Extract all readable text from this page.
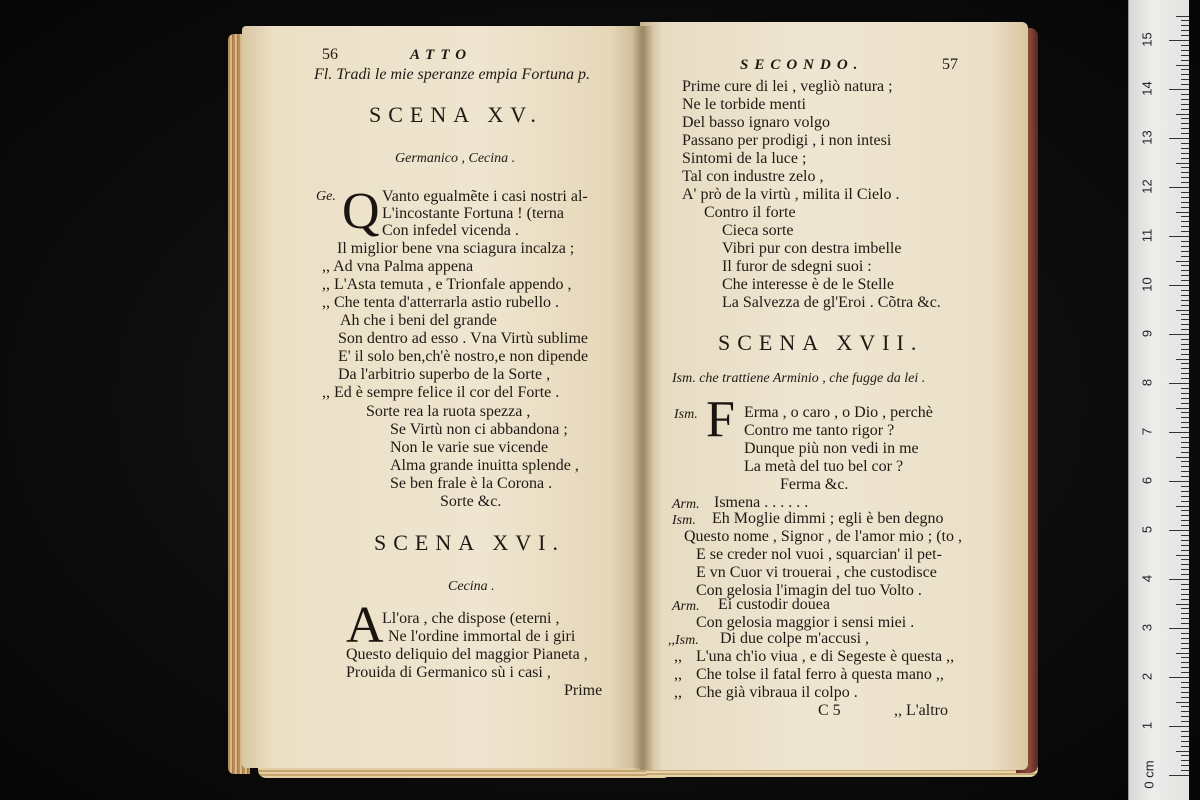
56	ATTO
Fl. Tradì le mie speranze empia Fortuna p.
SCENA XV.
Germanico , Cecina .
Ge. Q Vanto egualmẽte i casi nostri al-
L'incostante Fortuna ! (terna
Con infedel vicenda .
Il miglior bene vna sciagura incalza ;
,, Ad vna Palma appena
,, L'Asta temuta , e Trionfale appendo ,
,, Che tenta d'atterrarla astio rubello .
Ah che i beni del grande
Son dentro ad esso . Vna Virtù sublime
E' il solo ben,ch'è nostro,e non dipende
Da l'arbitrio superbo de la Sorte ,
,, Ed è sempre felice il cor del Forte .
Sorte rea la ruota spezza ,
Se Virtù non ci abbandona ;
Non le varie sue vicende
Alma grande inuitta splende ,
Se ben frale è la Corona .
Sorte &c.
SCENA XVI.
Cecina .
A
Ll'ora , che dispose (eterni ,
Ne l'ordine immortal de i giri
Questo deliquio del maggior Pianeta ,
Prouida di Germanico sù i casi ,
Prime
SECONDO.	57
Prime cure di lei , vegliò natura ;
Ne le torbide menti
Del basso ignaro volgo
Passano per prodigi , i non intesi
Sintomi de la luce ;
Tal con industre zelo ,
A' prò de la virtù , milita il Cielo .
Contro il forte
Cieca sorte
Vibri pur con destra imbelle
Il furor de sdegni suoi :
Che interesse è de le Stelle
La Salvezza de gl'Eroi . Cõtra &c.
SCENA XVII.
Ism. che trattiene Arminio , che fugge da lei .
Ism. F Erma , o caro , o Dio , perchè
Contro me tanto rigor ?
Dunque più non vedi in me
La metà del tuo bel cor ?
Ferma &c.
Arm. Ismena . . . . . .
Ism. Eh Moglie dimmi ; egli è ben degno
Questo nome , Signor , de l'amor mio ; (to ,
E se creder nol vuoi , squarcian' il pet-
E vn Cuor vi trouerai , che custodisce
Con gelosia l'imagin del tuo Volto .
Arm. Ei custodir douea
Con gelosia maggior i sensi miei .
,,Ism. Di due colpe m'accusi ,
,, L'una ch'io viua , e di Segeste è questa ,,
,, Che tolse il fatal ferro à questa mano ,,
,, Che già vibraua il colpo .
C 5	,, L'altro
0 cm
1
2
3
4
5
6
7
8
9
10
11
12
13
14
15
